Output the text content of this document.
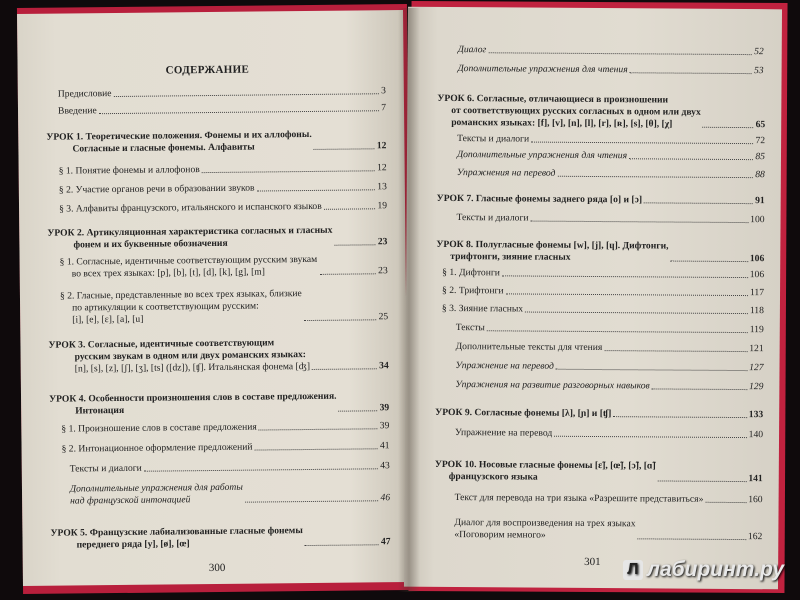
СОДЕРЖАНИЕ
Предисловие	3
Введение	7
УРОК 1. Теоретические положения. Фонемы и их аллофоны.
Согласные и гласные фонемы. Алфавиты	12
§ 1. Понятие фонемы и аллофонов	12
§ 2. Участие органов речи в образовании звуков	13
§ 3. Алфавиты французского, итальянского и испанского языков	19
УРОК 2. Артикуляционная характеристика согласных и гласных
фонем и их буквенные обозначения	23
§ 1. Согласные, идентичные соответствующим русским звукам
во всех трех языках: [p], [b], [t], [d], [k], [g], [m]	23
§ 2. Гласные, представленные во всех трех языках, близкие
по артикуляции к соответствующим русским:
[i], [e], [ɛ], [a], [u]	25
УРОК 3. Согласные, идентичные соответствующим
русским звукам в одном или двух романских языках:
[n], [s], [z], [ʃ], [ʒ], [ts] ([dz]), [ʧ]. Итальянская фонема [ʤ]	34
УРОК 4. Особенности произношения слов в составе предложения.
Интонация	39
§ 1. Произношение слов в составе предложения	39
§ 2. Интонационное оформление предложений	41
Тексты и диалоги	43
Дополнительные упражнения для работы
над французской интонацией	46
УРОК 5. Французские лабиализованные гласные фонемы
переднего ряда [y], [ø], [œ]	47
300
Диалог	52
Дополнительные упражнения для чтения	53
УРОК 6. Согласные, отличающиеся в произношении
от соответствующих русских согласных в одном или двух
романских языках: [f], [v], [n], [l], [r], [ʀ], [s], [θ], [χ]	65
Тексты и диалоги	72
Дополнительные упражнения для чтения	85
Упражнения на перевод	88
УРОК 7. Гласные фонемы заднего ряда [o] и [ɔ]	91
Тексты и диалоги	100
УРОК 8. Полугласные фонемы [w], [j], [ɥ]. Дифтонги,
трифтонги, зияние гласных	106
§ 1. Дифтонги	106
§ 2. Трифтонги	117
§ 3. Зияние гласных	118
Тексты	119
Дополнительные тексты для чтения	121
Упражнение на перевод	127
Упражнения на развитие разговорных навыков	129
УРОК 9. Согласные фонемы [λ], [ɲ] и [ʧ]	133
Упражнение на перевод	140
УРОК 10. Носовые гласные фонемы [ɛ̃], [œ̃], [ɔ̃], [ɑ̃]
французского языка	141
Текст для перевода на три языка «Разрешите представиться»	160
Диалог для воспроизведения на трех языках
«Поговорим немного»	162
301 Л лабиринт.ру
